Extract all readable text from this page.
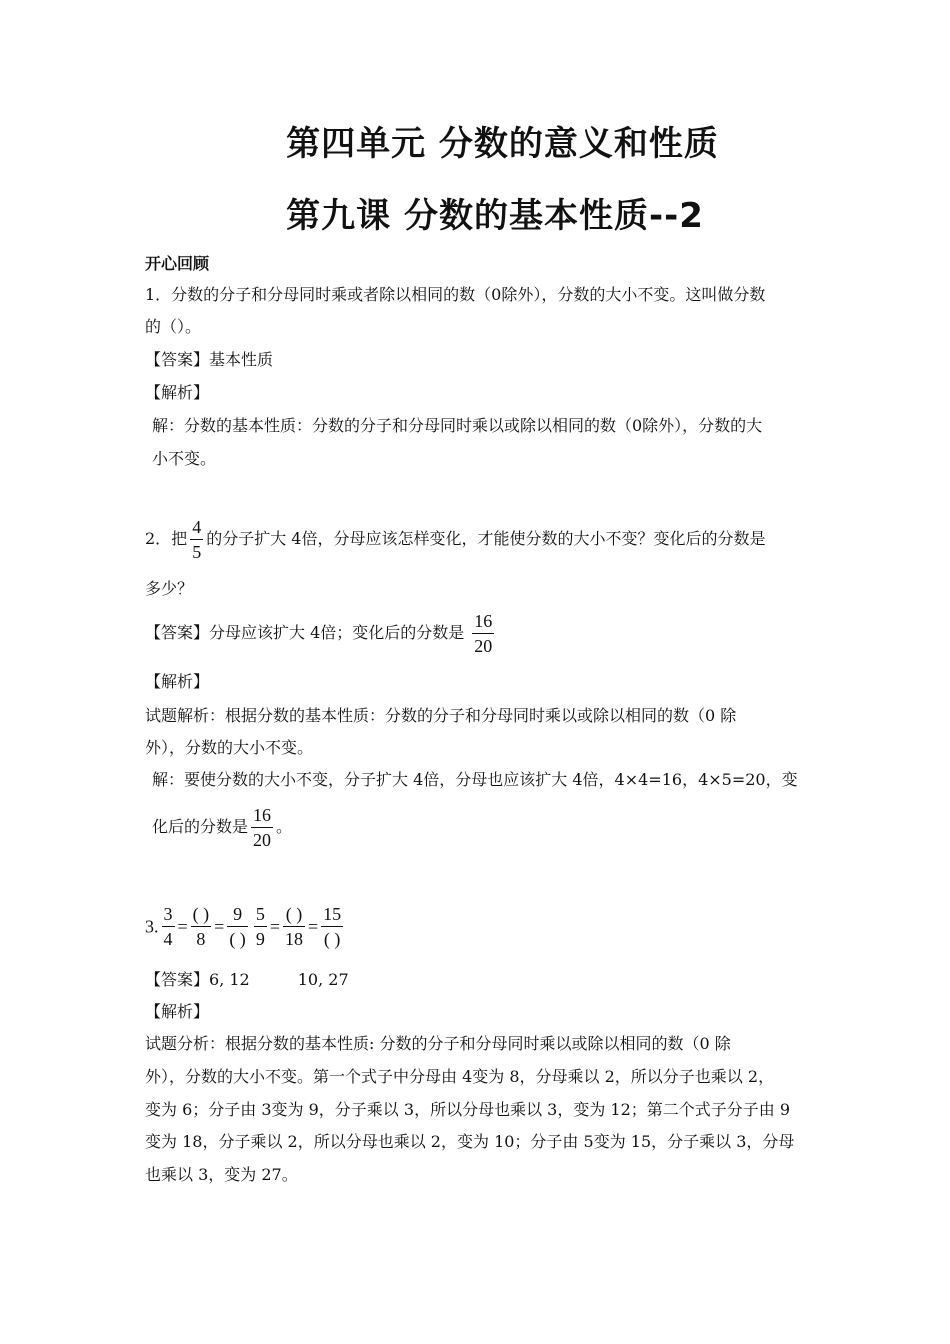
第四单元 分数的意义和性质
第九课 分数的基本性质--2
开心回顾
1．分数的分子和分母同时乘或者除以相同的数（0除外），分数的大小不变。这叫做分数
的（）。
【答案】基本性质
【解析】
解：分数的基本性质：分数的分子和分母同时乘以或除以相同的数（0除外），分数的大
小不变。
2．把 $\frac{4}{5}$ 的分子扩大 4倍，分母应该怎样变化，才能使分数的大小不变？变化后的分数是
多少？
【答案】分母应该扩大 4倍；变化后的分数是 $\frac{16}{20}$
【解析】
试题解析：根据分数的基本性质：分数的分子和分母同时乘以或除以相同的数（0 除
外），分数的大小不变。
解：要使分数的大小不变，分子扩大 4倍，分母也应该扩大 4倍，4×4=16，4×5=20，变
化后的分数是 $\frac{16}{20}$ 。
3. $\frac{3}{4} = \frac{( )}{8} = \frac{9}{( )} \frac{5}{9} = \frac{( )}{18} = \frac{15}{( )}$
【答案】6, 12	10, 27
【解析】
试题分析：根据分数的基本性质: 分数的分子和分母同时乘以或除以相同的数（0 除
外），分数的大小不变。第一个式子中分母由 4变为 8，分母乘以 2，所以分子也乘以 2，
变为 6；分子由 3变为 9，分子乘以 3，所以分母也乘以 3，变为 12；第二个式子分子由 9
变为 18，分子乘以 2，所以分母也乘以 2，变为 10；分子由 5变为 15，分子乘以 3，分母
也乘以 3，变为 27。
